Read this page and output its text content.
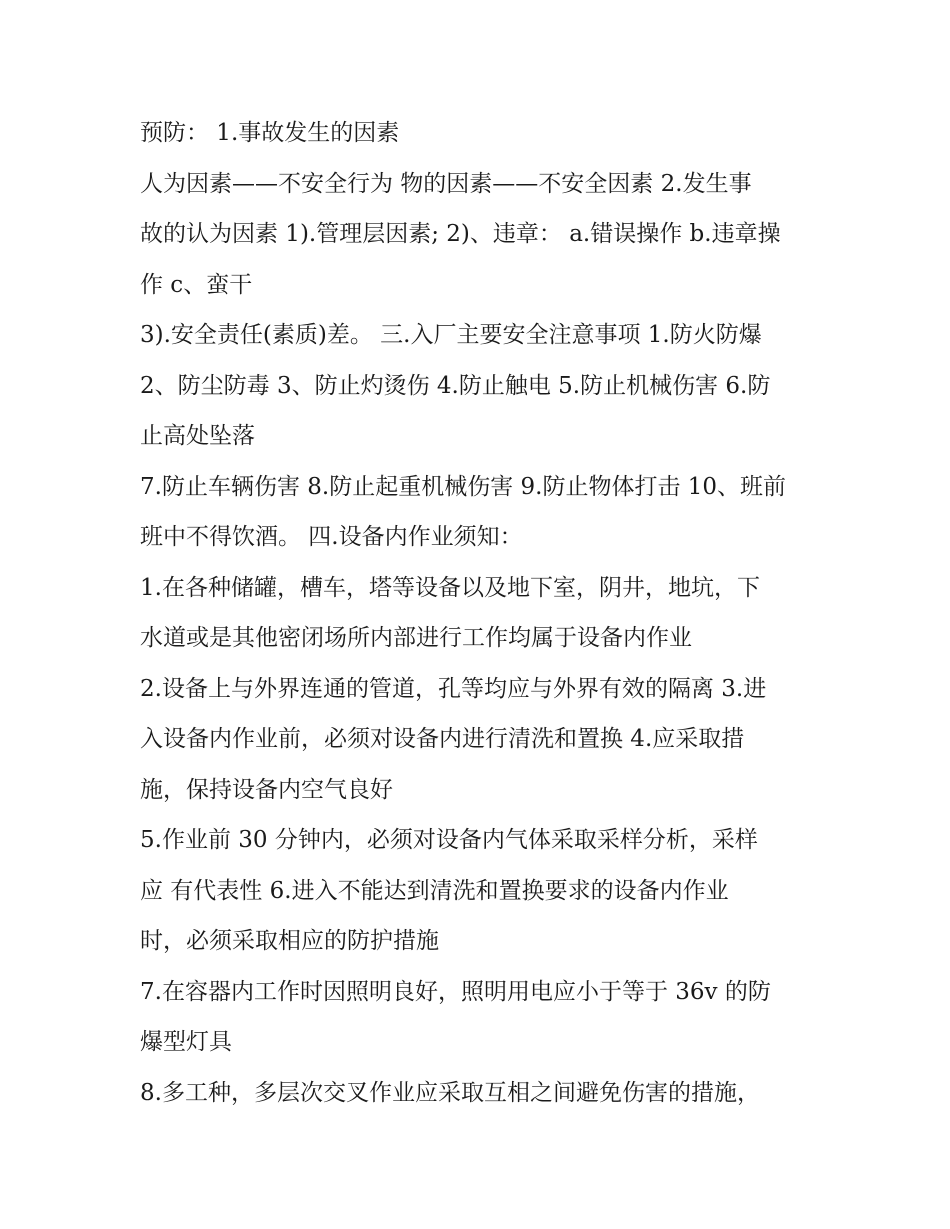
预防： 1.事故发生的因素
人为因素——不安全行为 物的因素——不安全因素 2.发生事
故的认为因素 1).管理层因素; 2)、违章： a.错误操作 b.违章操
作 c、蛮干
3).安全责任(素质)差。 三.入厂主要安全注意事项 1.防火防爆
2、防尘防毒 3、防止灼烫伤 4.防止触电 5.防止机械伤害 6.防
止高处坠落
7.防止车辆伤害 8.防止起重机械伤害 9.防止物体打击 10、班前
班中不得饮酒。 四.设备内作业须知：
1.在各种储罐，槽车，塔等设备以及地下室，阴井，地坑，下
水道或是其他密闭场所内部进行工作均属于设备内作业
2.设备上与外界连通的管道，孔等均应与外界有效的隔离 3.进
入设备内作业前，必须对设备内进行清洗和置换 4.应采取措
施，保持设备内空气良好
5.作业前 30 分钟内，必须对设备内气体采取采样分析，采样
应 有代表性 6.进入不能达到清洗和置换要求的设备内作业
时，必须采取相应的防护措施
7.在容器内工作时因照明良好，照明用电应小于等于 36v 的防
爆型灯具
8.多工种，多层次交叉作业应采取互相之间避免伤害的措施，
